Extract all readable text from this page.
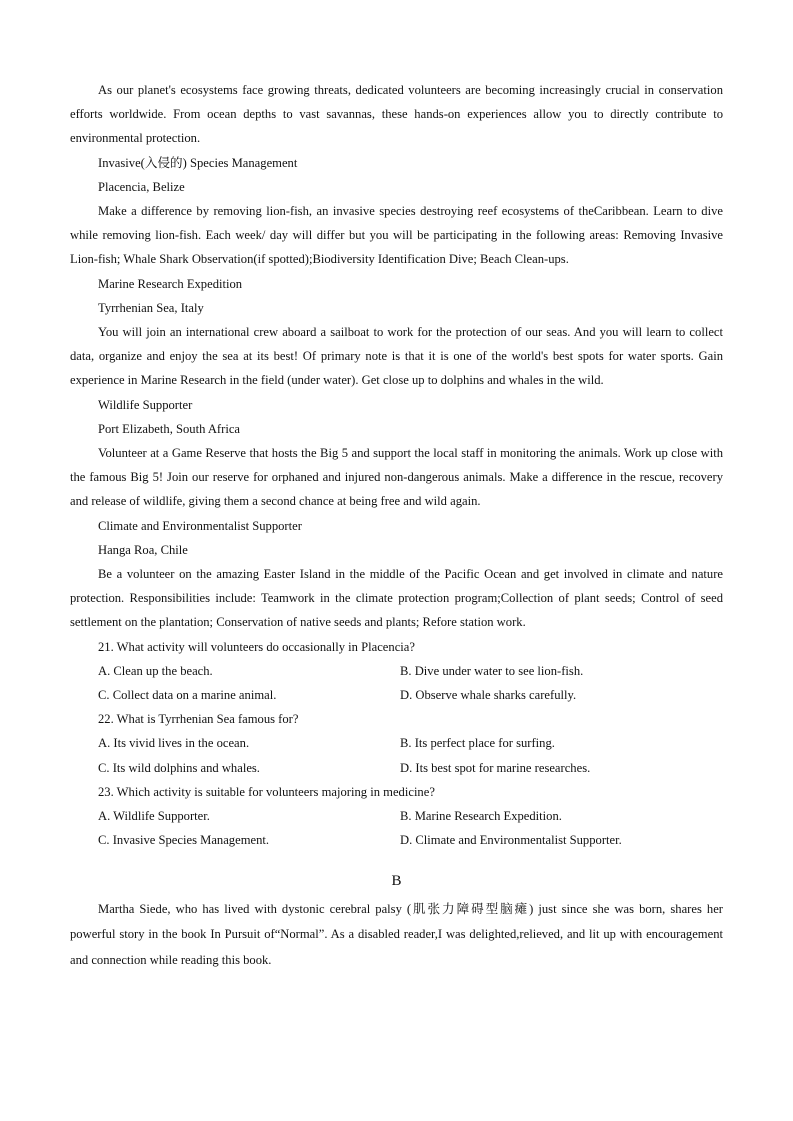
As our planet's ecosystems face growing threats, dedicated volunteers are becoming increasingly crucial in conservation efforts worldwide. From ocean depths to vast savannas, these hands-on experiences allow you to directly contribute to environmental protection.

Invasive(入侵的) Species Management

Placencia, Belize

Make a difference by removing lion-fish, an invasive species destroying reef ecosystems of theCaribbean. Learn to dive while removing lion-fish. Each week/ day will differ but you will be participating in the following areas: Removing Invasive Lion-fish; Whale Shark Observation(if spotted);Biodiversity Identification Dive; Beach Clean-ups.

Marine Research Expedition

Tyrrhenian Sea, Italy

You will join an international crew aboard a sailboat to work for the protection of our seas. And you will learn to collect data, organize and enjoy the sea at its best! Of primary note is that it is one of the world's best spots for water sports. Gain experience in Marine Research in the field (under water). Get close up to dolphins and whales in the wild.

Wildlife Supporter

Port Elizabeth, South Africa

Volunteer at a Game Reserve that hosts the Big 5 and support the local staff in monitoring the animals. Work up close with the famous Big 5! Join our reserve for orphaned and injured non-dangerous animals. Make a difference in the rescue, recovery and release of wildlife, giving them a second chance at being free and wild again.

Climate and Environmentalist Supporter

Hanga Roa, Chile

Be a volunteer on the amazing Easter Island in the middle of the Pacific Ocean and get involved in climate and nature protection. Responsibilities include: Teamwork in the climate protection program;Collection of plant seeds; Control of seed settlement on the plantation; Conservation of native seeds and plants; Refore station work.

21. What activity will volunteers do occasionally in Placencia?

A. Clean up the beach.	B. Dive under water to see lion-fish.
C. Collect data on a marine animal.	D. Observe whale sharks carefully.

22. What is Tyrrhenian Sea famous for?

A. Its vivid lives in the ocean.	B. Its perfect place for surfing.
C. Its wild dolphins and whales.	D. Its best spot for marine researches.

23. Which activity is suitable for volunteers majoring in medicine?

A. Wildlife Supporter.	B. Marine Research Expedition.
C. Invasive Species Management.	D. Climate and Environmentalist Supporter.
B

Martha Siede, who has lived with dystonic cerebral palsy (肌张力障碍型脑瘫) just since she was born, shares her powerful story in the book In Pursuit of“Normal”. As a disabled reader,I was delighted,relieved, and lit up with encouragement and connection while reading this book.
